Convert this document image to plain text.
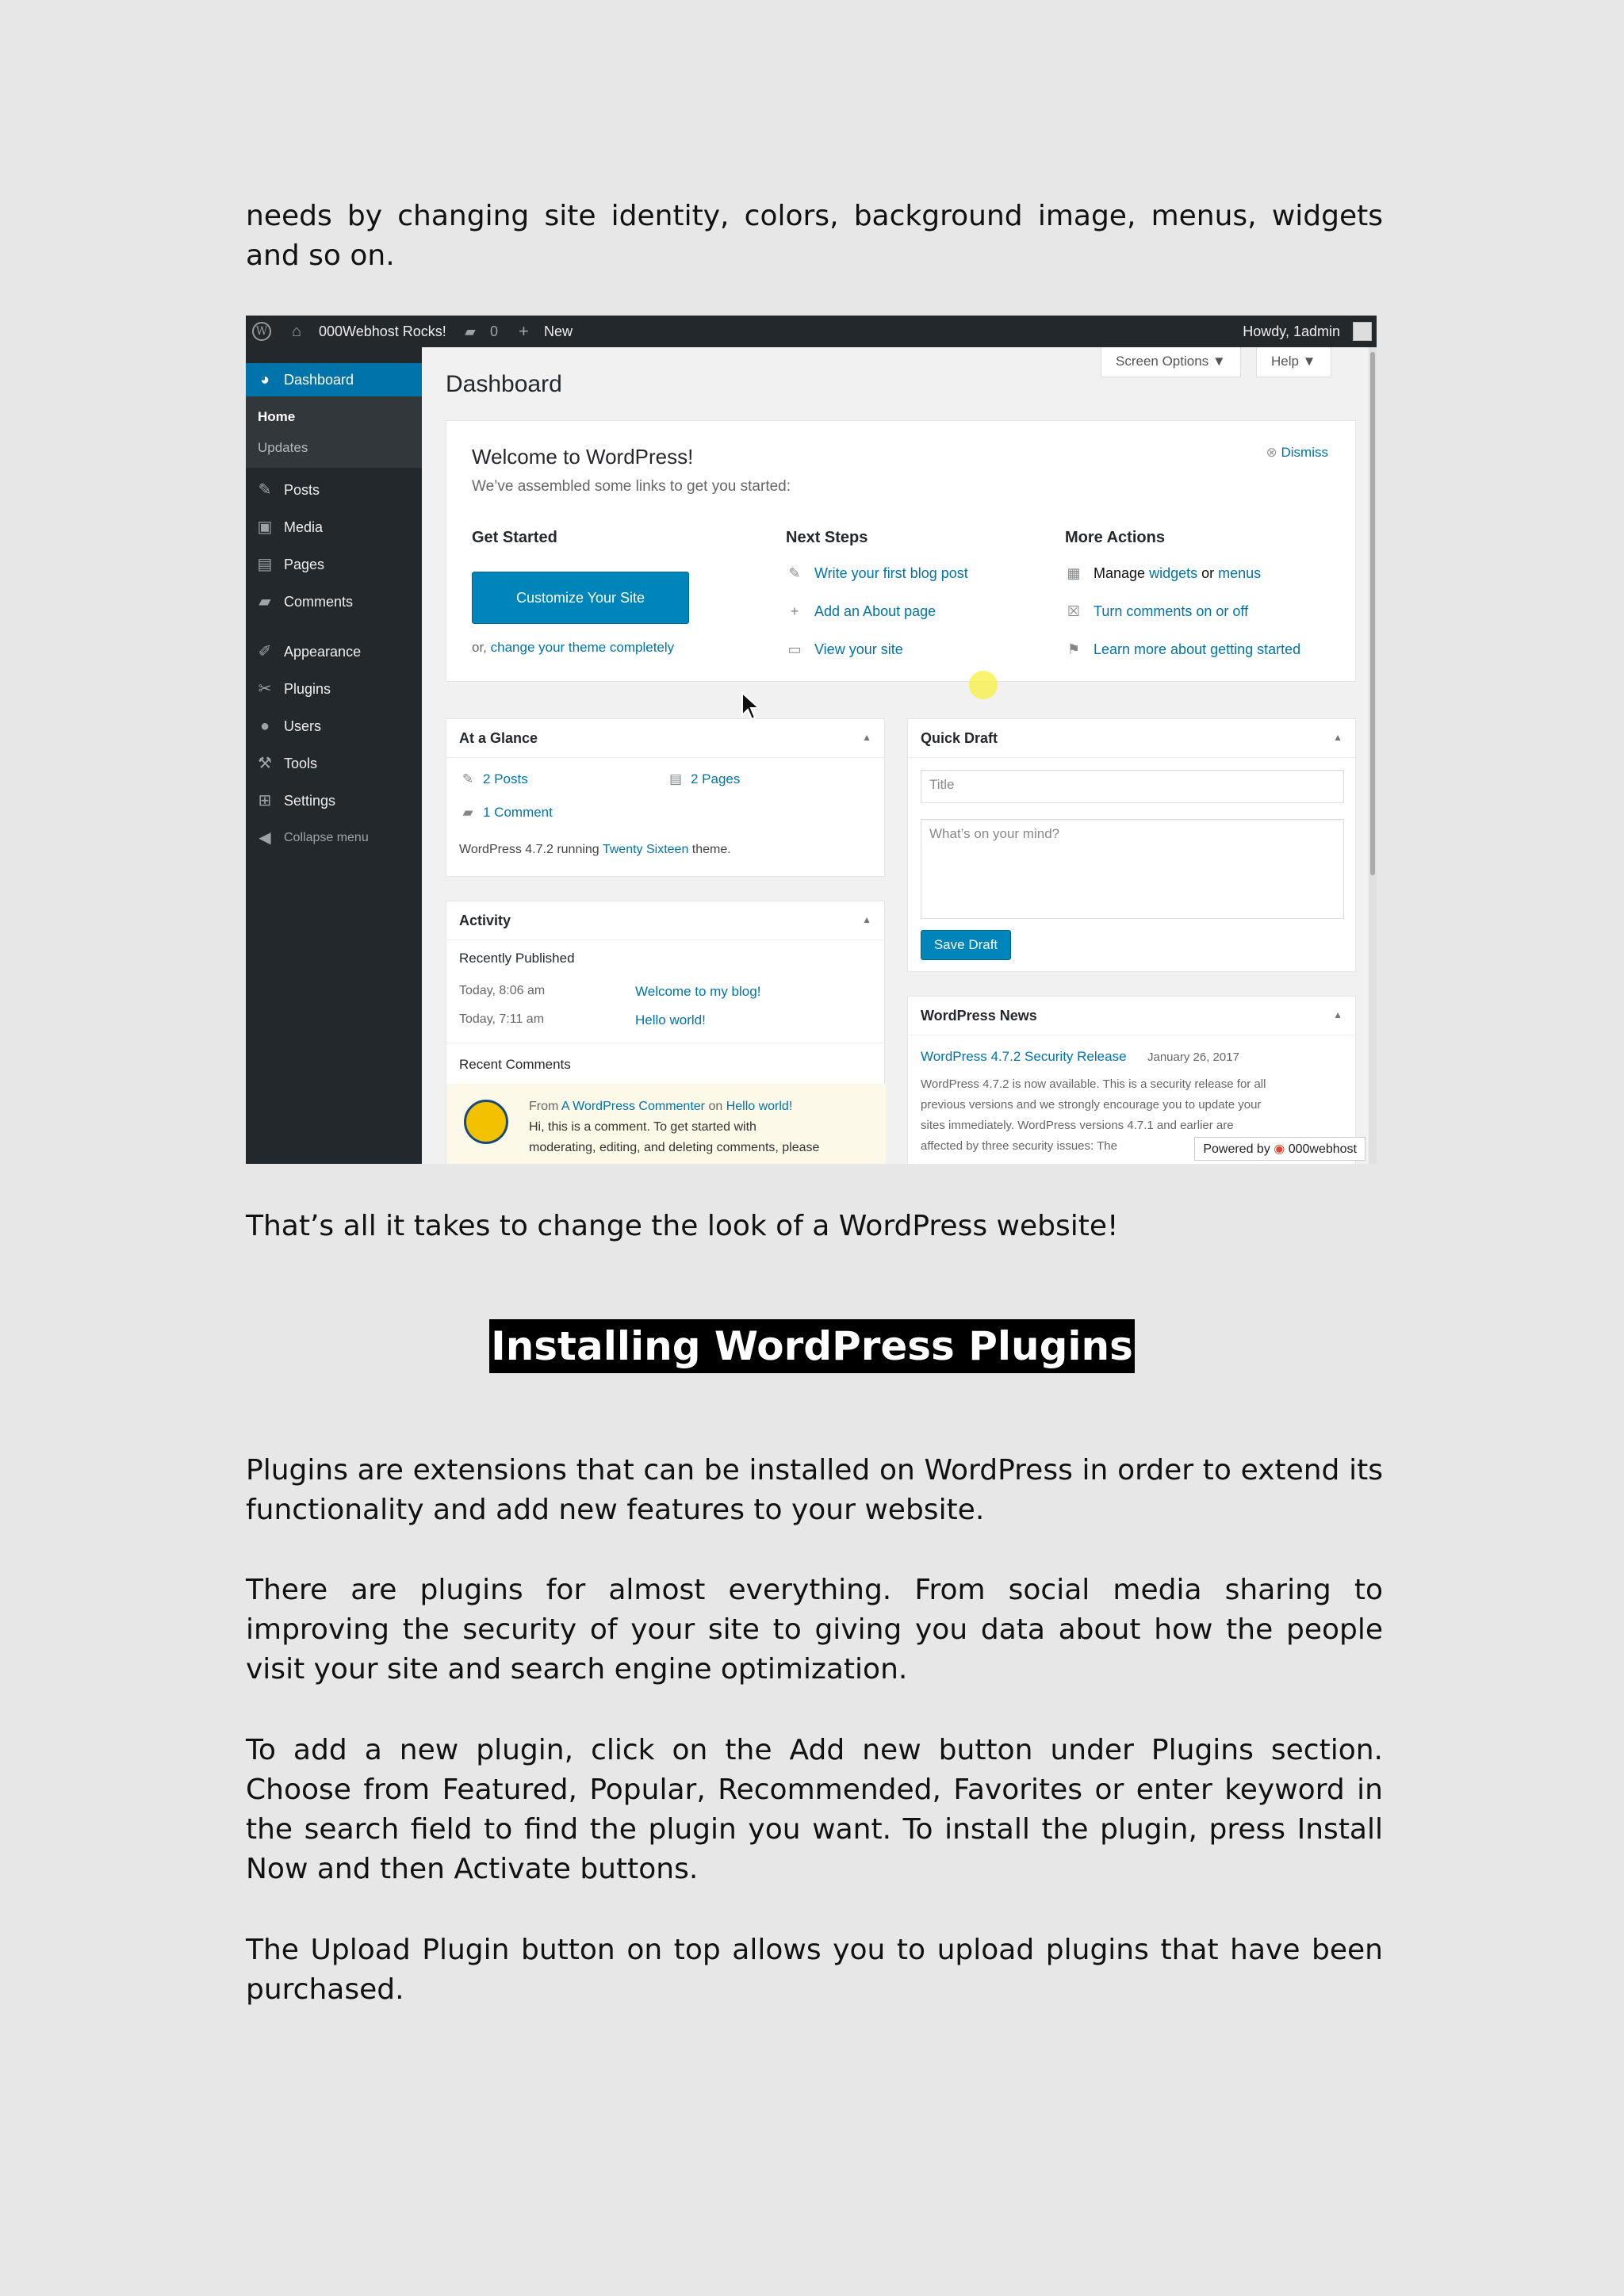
needs by changing site identity, colors, background image, menus, widgets and so on.
W ⌂ 000Webhost Rocks! ▰ 0 + New	Howdy, 1admin
◕ Dashboard
Home
Updates
✎ Posts
▣ Media
▤ Pages
▰ Comments
✐ Appearance
✂ Plugins
● Users
⚒ Tools
⊞ Settings
◀ Collapse menu
Screen Options ▼	Help ▼
Dashboard
Welcome to WordPress!
We’ve assembled some links to get you started:
⊗ Dismiss
Get Started
Customize Your Site
or, change your theme completely
Next Steps
✎ Write your first blog post
+ Add an About page
▭ View your site
More Actions
▦ Manage widgets or menus
☒ Turn comments on or off
⚑ Learn more about getting started
At a Glance	▲
✎ 2 Posts	▤ 2 Pages
▰ 1 Comment
WordPress 4.7.2 running Twenty Sixteen theme.
Activity	▲
Recently Published
Today, 8:06 am	Welcome to my blog!
Today, 7:11 am	Hello world!
Recent Comments
From A WordPress Commenter on Hello world!
Hi, this is a comment. To get started with
moderating, editing, and deleting comments, please
Quick Draft	▲
Title
What’s on your mind?
Save Draft
WordPress News	▲
WordPress 4.7.2 Security Release January 26, 2017
WordPress 4.7.2 is now available. This is a security release for all
previous versions and we strongly encourage you to update your
sites immediately. WordPress versions 4.7.1 and earlier are
affected by three security issues: The	Powered by ◉ 000webhost
That’s all it takes to change the look of a WordPress website!
Installing WordPress Plugins
Plugins are extensions that can be installed on WordPress in order to extend its functionality and add new features to your website.
There are plugins for almost everything. From social media sharing to improving the security of your site to giving you data about how the people visit your site and search engine optimization.
To add a new plugin, click on the Add new button under Plugins section. Choose from Featured, Popular, Recommended, Favorites or enter keyword in the search field to find the plugin you want. To install the plugin, press Install Now and then Activate buttons.
The Upload Plugin button on top allows you to upload plugins that have been purchased.
